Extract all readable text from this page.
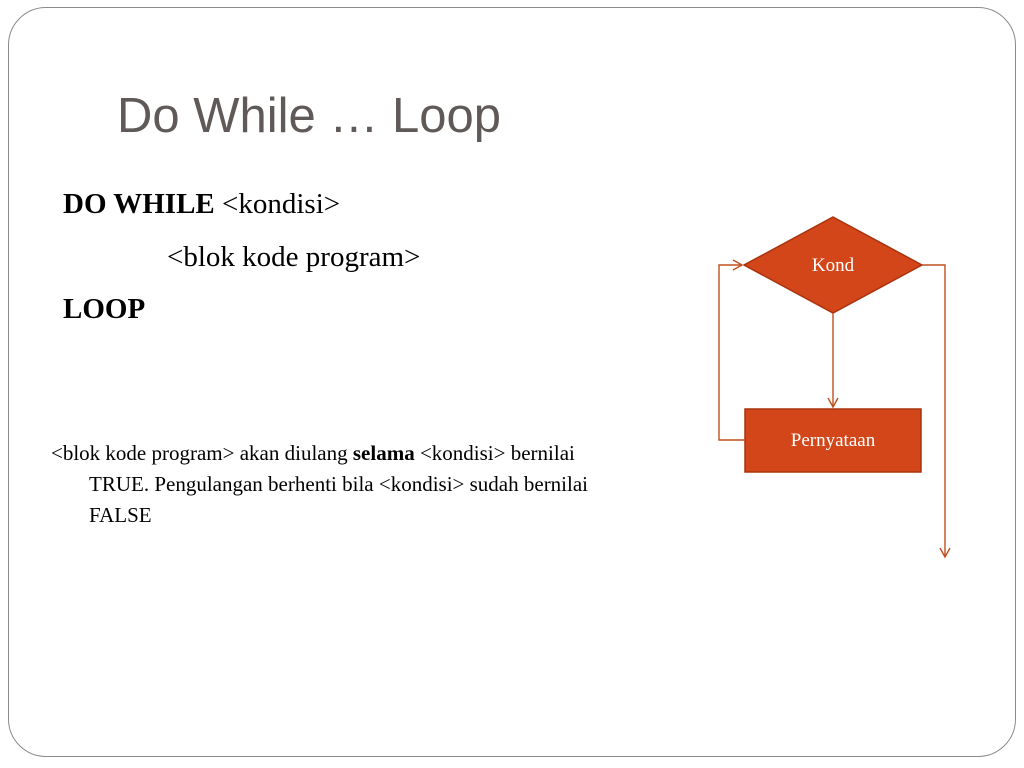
Do While … Loop
DO WHILE <kondisi>
<blok kode program>
LOOP
<blok kode program> akan diulang selama <kondisi> bernilai TRUE. Pengulangan berhenti bila <kondisi> sudah bernilai FALSE
Kond
Pernyataan
